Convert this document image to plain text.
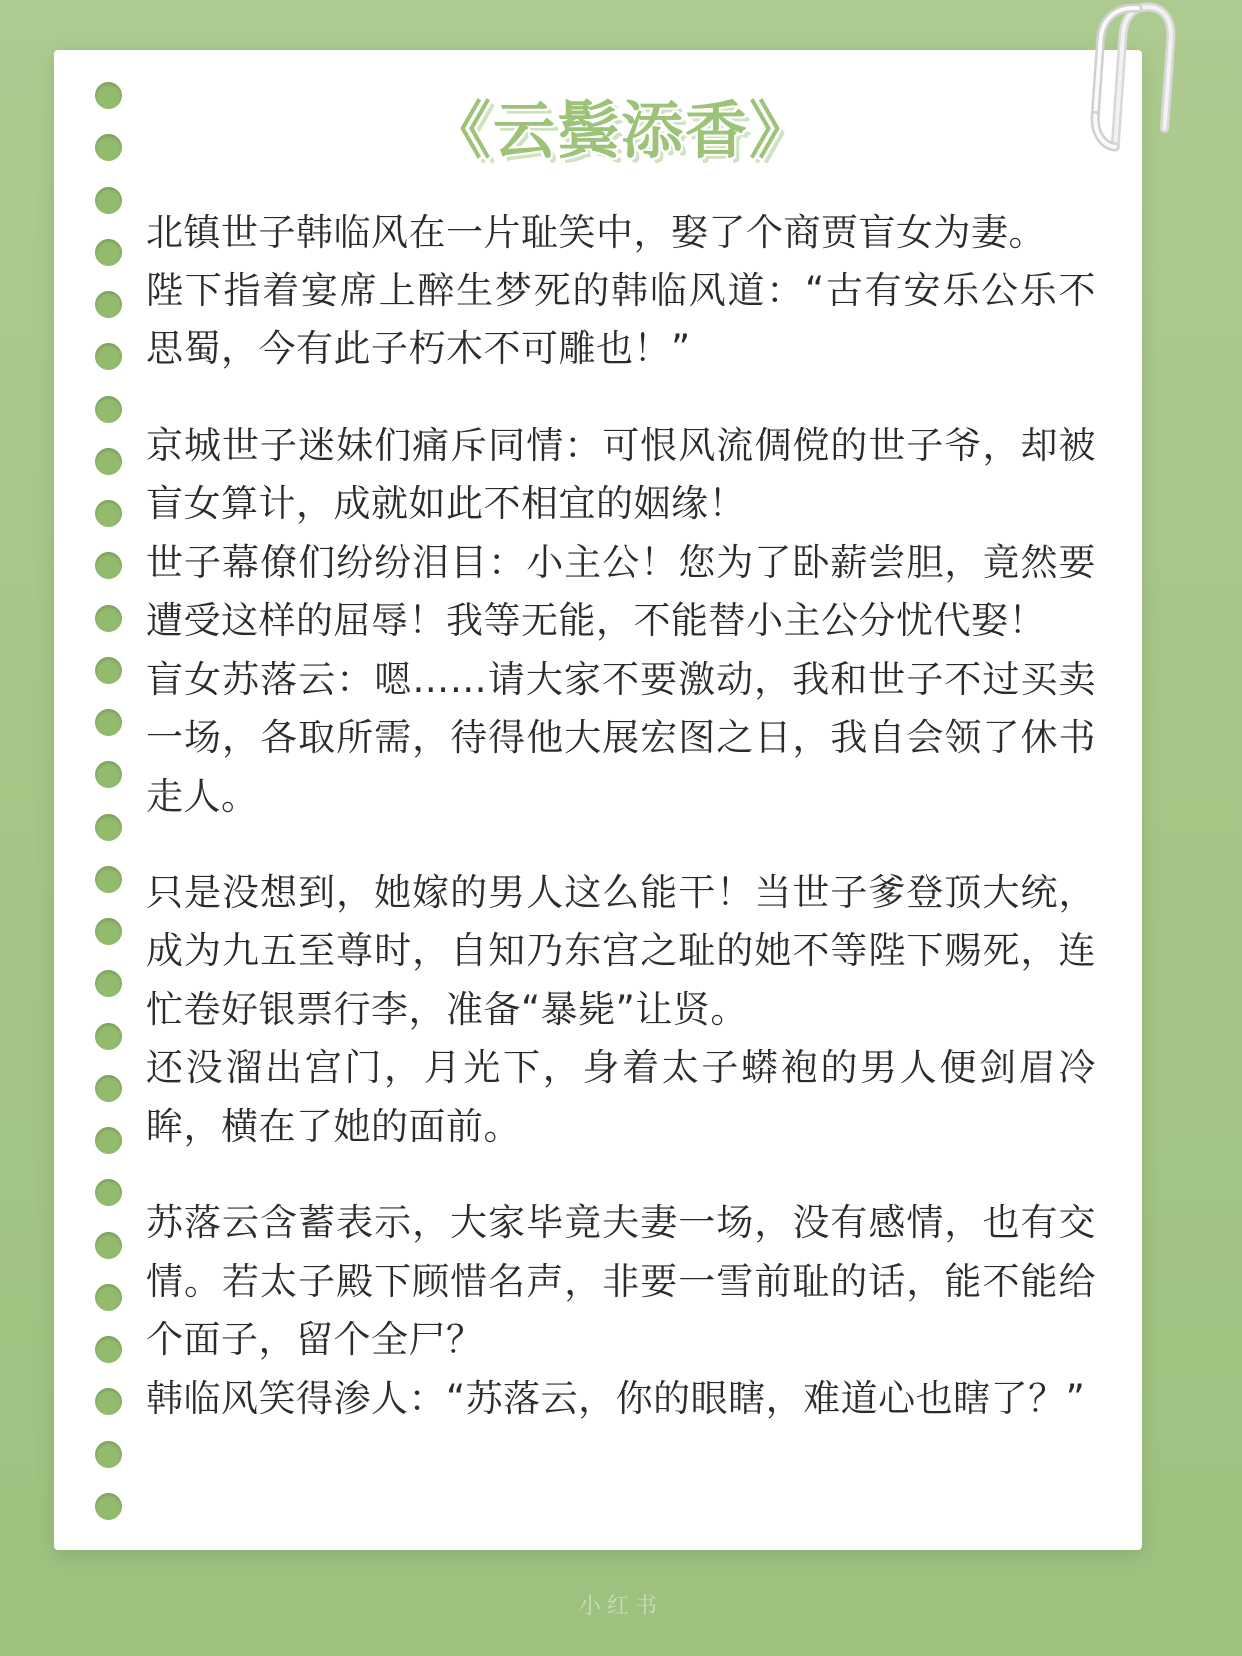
《云鬓添香》

北镇世子韩临风在一片耻笑中，娶了个商贾盲女为妻。

陛下指着宴席上醉生梦死的韩临风道：“古有安乐公乐不思蜀，今有此子朽木不可雕也！”

京城世子迷妹们痛斥同情：可恨风流倜傥的世子爷，却被盲女算计，成就如此不相宜的姻缘！

世子幕僚们纷纷泪目：小主公！您为了卧薪尝胆，竟然要遭受这样的屈辱！我等无能，不能替小主公分忧代娶！

盲女苏落云：嗯……请大家不要激动，我和世子不过买卖一场，各取所需，待得他大展宏图之日，我自会领了休书走人。

只是没想到，她嫁的男人这么能干！当世子爹登顶大统，成为九五至尊时，自知乃东宫之耻的她不等陛下赐死，连忙卷好银票行李，准备“暴毙”让贤。

还没溜出宫门，月光下，身着太子蟒袍的男人便剑眉冷眸，横在了她的面前。

苏落云含蓄表示，大家毕竟夫妻一场，没有感情，也有交情。若太子殿下顾惜名声，非要一雪前耻的话，能不能给个面子，留个全尸？

韩临风笑得渗人：“苏落云，你的眼瞎，难道心也瞎了？”

小红书
